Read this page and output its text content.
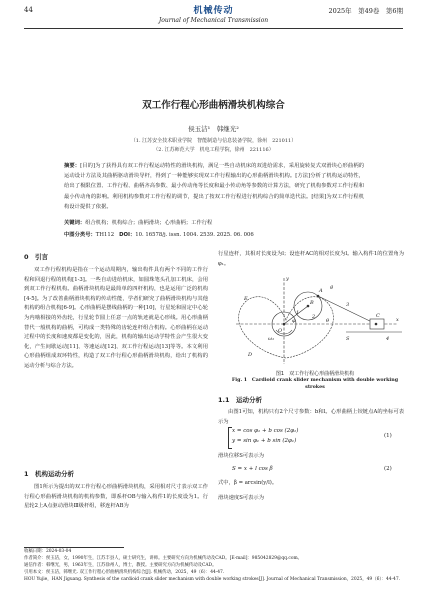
44	机械传动
Journal of Mechanical Transmission
2025年　第49卷　第6期
双工作行程心形曲柄滑块机构综合
侯玉洁¹　韩继光²
（1. 江苏安全技术职业学院　智能制造与信息装备学院，徐州　221011）
（2. 江苏师范大学　机电工程学院，徐州　221116）
摘要：[目的]为了获得具有双工作行程运动特性的滑块机构，满足一些自动机床的双进给需求，采用旋转复式双滑块心形曲柄的运动设计方法及其曲柄驱动滑块导杆，得到了一种能够实现双工作行程输出的心形曲柄滑块机构。[方法]分析了机构运动特性，给出了极限位置、工作行程、曲柄齐高参数、最小传动角等长度和最小传动角等参数的计算方法，研究了机构参数对工作行程和最小传动角的影响。利用机构参数对工作行程的调节，提出了按双工作行程进行机构综合的简单迭代法。[结果]为双工作行程机构设计提供了依据。
关键词：组合机构；机构综合；曲柄滑块；心形曲柄；工作行程
中图分类号：TH112 DOI：10. 16578/j. issn. 1004. 2539. 2025. 06. 006
0　引言
双工作行程机构是指在一个运动周期内，输出构件具有两个不同的工作行程和回退行程的机构[1-3]。一些自动进给机床，如圆珠笔头孔加工机床，会用到双工作行程机构。曲柄滑块机构是最简单的四杆机构，也是运用广泛的机构[4-5]。为了改善曲柄滑块机构的传动性能，学者们研究了曲柄滑块机构与其他机构的组合机构[6-9]。心形曲柄是摆线曲柄的一种[10]，行星轮和固定中心轮为内啮相接的外齿轮，行星轮节圆上任意一点的轨迹就是心形线。用心形曲柄替代一般机构的曲柄，可构成一类特殊的齿轮连杆组合机构。心形曲柄在运动过程中的长度和速度都是变化的，因此，机构的输出运动学特性会产生很大变化，产生间歇运动[11]、等速运动[12]、双工作行程运动[13]等等。本文利用心形曲柄组成双环特性，构造了双工作行程心形曲柄滑块机构，给出了机构的运动分析与综合方法。
1　机构运动分析
图1所示为提出的双工作行程心形曲柄滑块机构，采用相对尺寸表示双工作行程心形曲柄滑块机构的机构参数，即系杆OB与输入构件1的长度设为1。行星轮2上A点驱动滑块Ⅲ级杆组，移连杆AB为
行星连杆，其相对长度设为l；设连杆AC的相对长度为l。输入构件1的位置角为φ₁。
O
B
A
C
ω₁
1
2
3
4
θ
φ	x
y
S
D
E
g
图1　双工作行程心形曲柄滑块机构
Fig. 1　Cardioid crank slider mechanism with double working strokes
1.1　运动分析
由图1可知，机构只有2个尺寸参数：b和l。心形曲柄上铰链点A的坐标可表示为
x = cos φ₁ + b cos (2φ₁)
y = sin φ₁ + b sin (2φ₁)
(1)
滑块位移S可表示为
S = x + l cos β	(2)
式中，β = arcsin(y/l)。
滑块速度S可表示为
收稿日期：2024-03-04
作者简介：侯玉洁，女，1990年生，江苏丰县人，硕士研究生，讲师。主要研究方向为机械传动及CAD。[E-mail]：985042829@qq.com。
通信作者：韩继光，男，1963年生，江苏徐州人，博士，教授。主要研究方向为机械传动及CAD。
引用本文：侯玉洁，韩继光. 双工作行程心形曲柄滑块机构综合[J]. 机械传动，2025，49（6）：44-47.
HOU Yujie，HAN Jiguang. Synthesis of the cardioid crank slider mechanism with double working strokes[J]. Journal of Mechanical Transmission，2025，49（6）：44-47.
